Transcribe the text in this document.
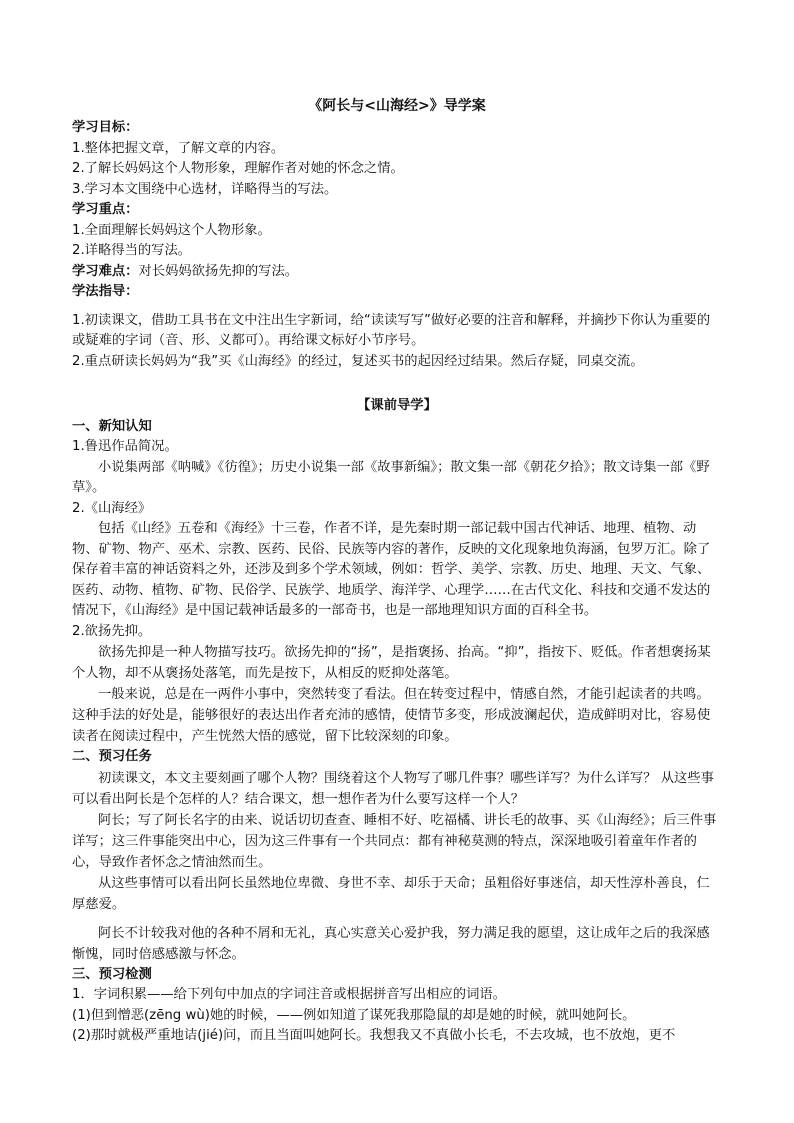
《阿长与<山海经>》导学案
学习目标：
1.整体把握文章，了解文章的内容。
2.了解长妈妈这个人物形象，理解作者对她的怀念之情。
3.学习本文围绕中心选材，详略得当的写法。
学习重点：
1.全面理解长妈妈这个人物形象。
2.详略得当的写法。
学习难点：对长妈妈欲扬先抑的写法。
学法指导：
1.初读课文，借助工具书在文中注出生字新词，给“读读写写”做好必要的注音和解释，并摘抄下你认为重要的或疑难的字词（音、形、义都可）。再给课文标好小节序号。
2.重点研读长妈妈为“我”买《山海经》的经过，复述买书的起因经过结果。然后存疑，同桌交流。
【课前导学】
一、新知认知
1.鲁迅作品简况。
小说集两部《呐喊》《彷徨》；历史小说集一部《故事新编》；散文集一部《朝花夕拾》；散文诗集一部《野草》。
2.《山海经》
包括《山经》五卷和《海经》十三卷，作者不详，是先秦时期一部记载中国古代神话、地理、植物、动物、矿物、物产、巫术、宗教、医药、民俗、民族等内容的著作，反映的文化现象地负海涵，包罗万汇。除了保存着丰富的神话资料之外，还涉及到多个学术领域，例如：哲学、美学、宗教、历史、地理、天文、气象、医药、动物、植物、矿物、民俗学、民族学、地质学、海洋学、心理学……在古代文化、科技和交通不发达的情况下，《山海经》是中国记载神话最多的一部奇书，也是一部地理知识方面的百科全书。
2.欲扬先抑。
欲扬先抑是一种人物描写技巧。欲扬先抑的“扬”，是指褒扬、抬高。“抑”，指按下、贬低。作者想褒扬某个人物，却不从褒扬处落笔，而先是按下，从相反的贬抑处落笔。
一般来说，总是在一两件小事中，突然转变了看法。但在转变过程中，情感自然，才能引起读者的共鸣。这种手法的好处是，能够很好的表达出作者充沛的感情，使情节多变，形成波澜起伏，造成鲜明对比，容易使读者在阅读过程中，产生恍然大悟的感觉，留下比较深刻的印象。
二、预习任务
初读课文，本文主要刻画了哪个人物？围绕着这个人物写了哪几件事？哪些详写？为什么详写？ 从这些事可以看出阿长是个怎样的人？结合课文，想一想作者为什么要写这样一个人？
阿长；写了阿长名字的由来、说话切切查查、睡相不好、吃福橘、讲长毛的故事、买《山海经》；后三件事详写；这三件事能突出中心，因为这三件事有一个共同点：都有神秘莫测的特点，深深地吸引着童年作者的心，导致作者怀念之情油然而生。
从这些事情可以看出阿长虽然地位卑微、身世不幸、却乐于天命；虽粗俗好事迷信，却天性淳朴善良，仁厚慈爱。
阿长不计较我对他的各种不屑和无礼，真心实意关心爱护我，努力满足我的愿望，这让成年之后的我深感惭愧，同时倍感感激与怀念。
三、预习检测
1．字词积累——给下列句中加点的字词注音或根据拼音写出相应的词语。
(1)但到憎恶(zēng wù)她的时候，——例如知道了谋死我那隐鼠的却是她的时候，就叫她阿长。
(2)那时就极严重地诘(jié)问，而且当面叫她阿长。我想我又不真做小长毛，不去攻城，也不放炮，更不
